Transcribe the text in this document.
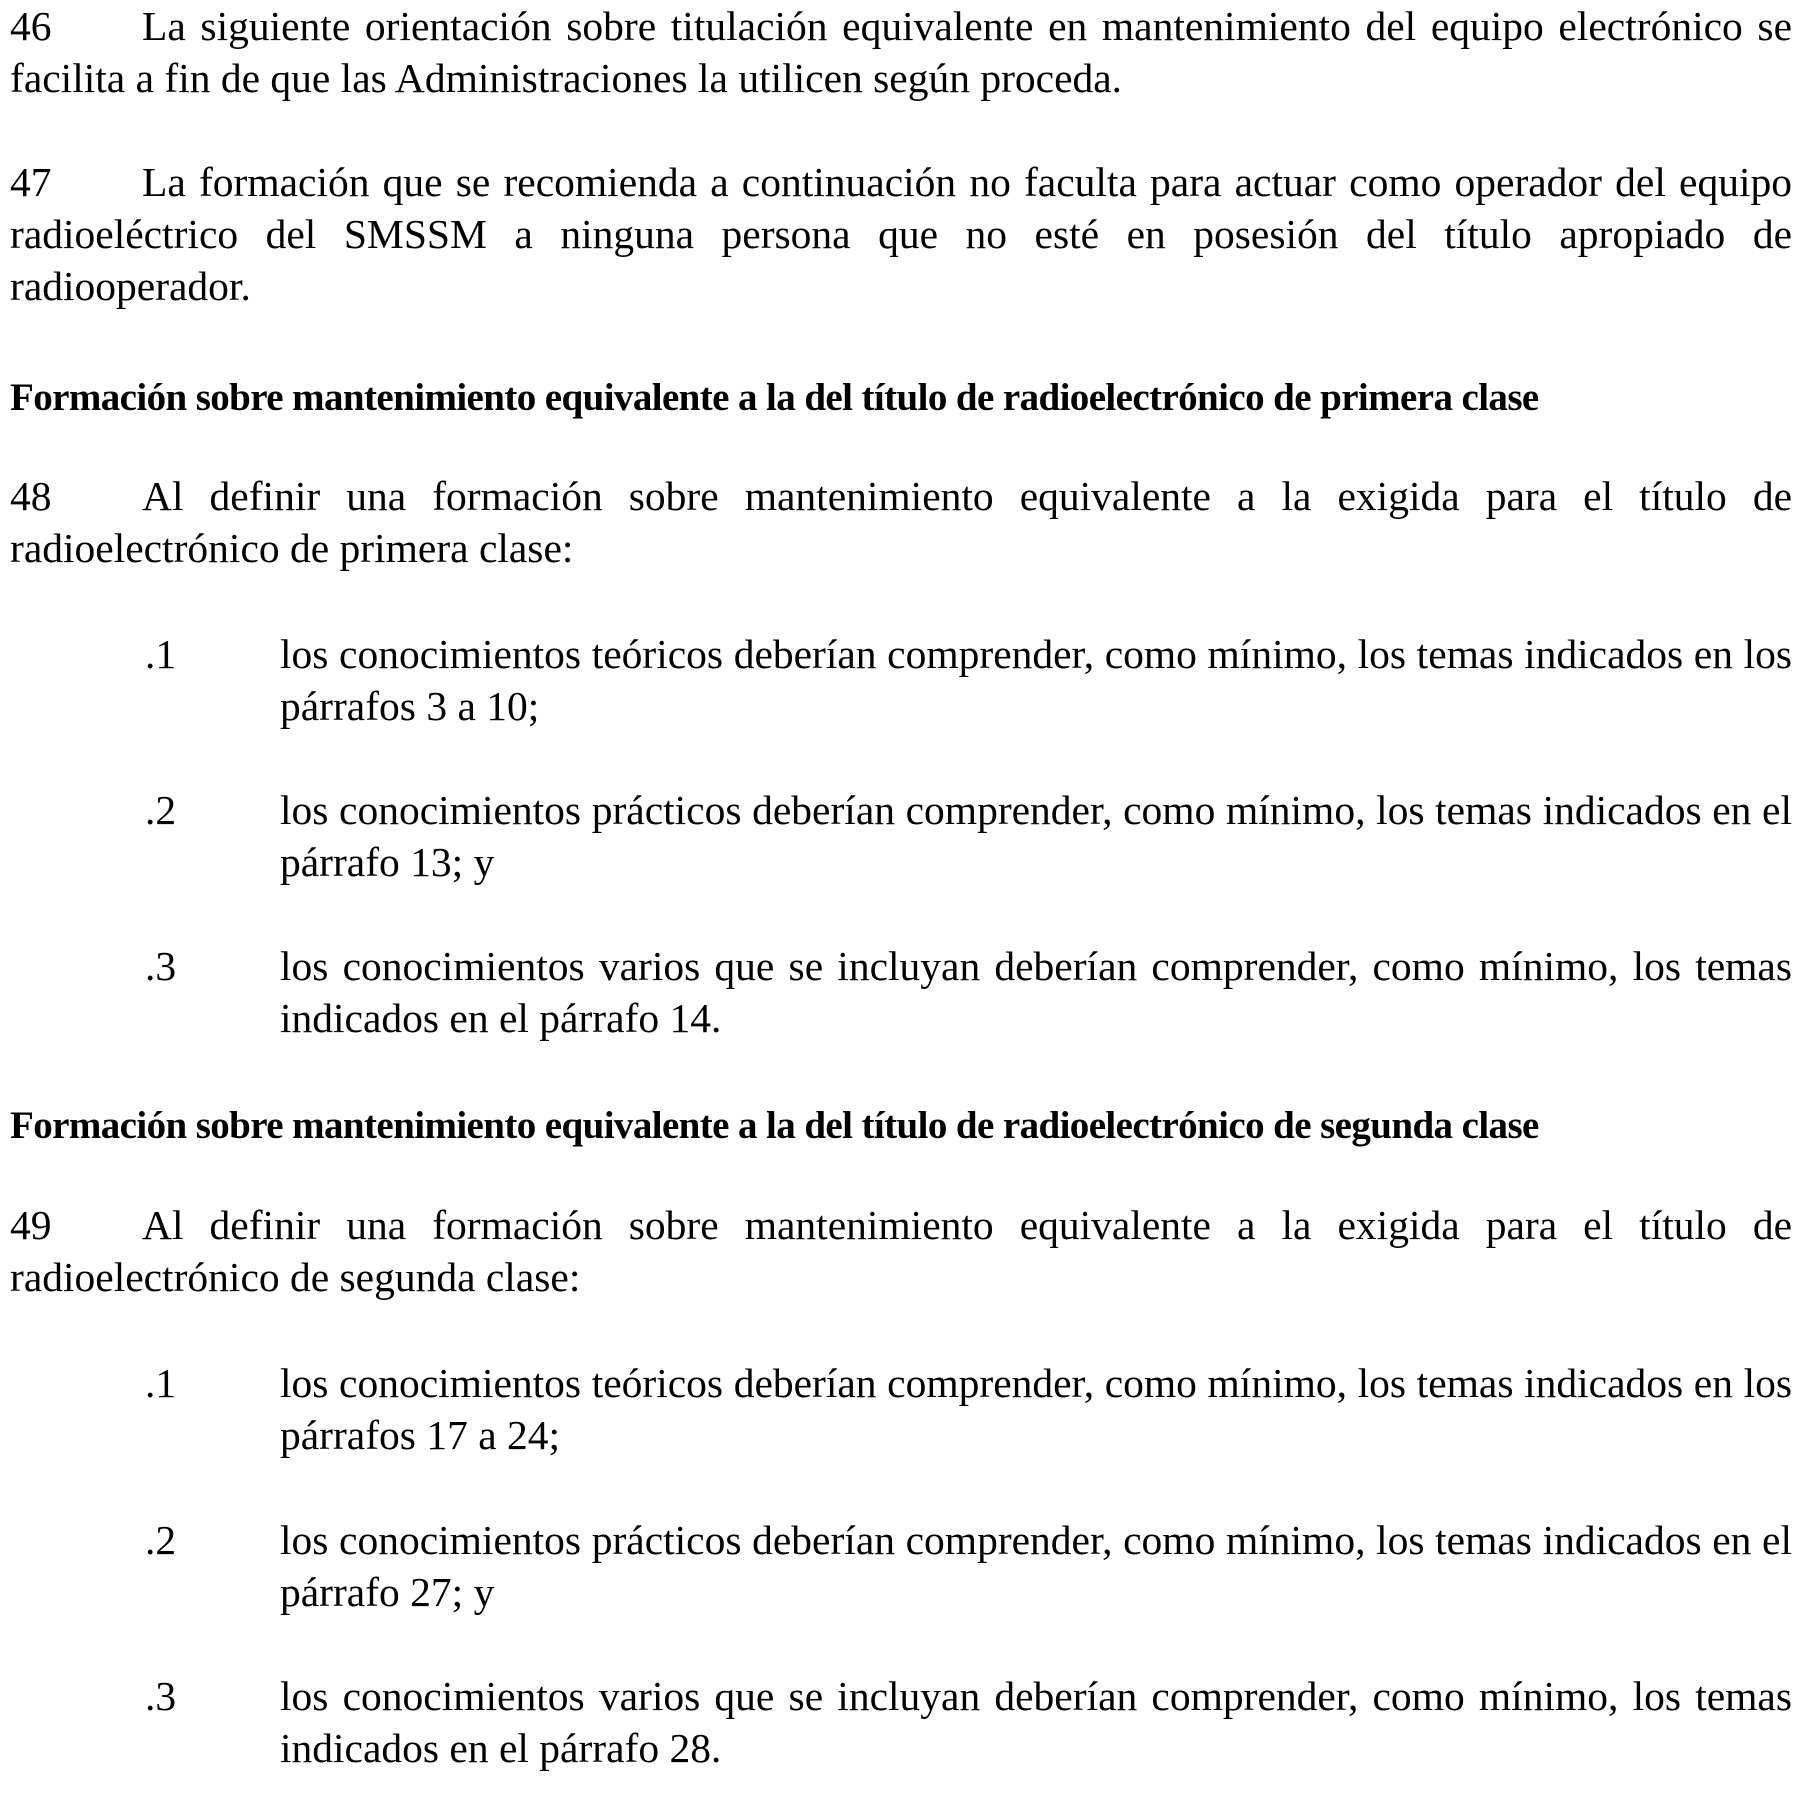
46 La siguiente orientación sobre titulación equivalente en mantenimiento del equipo electrónico se facilita a fin de que las Administraciones la utilicen según proceda.

47 La formación que se recomienda a continuación no faculta para actuar como operador del equipo radioeléctrico del SMSSM a ninguna persona que no esté en posesión del título apropiado de radiooperador.

Formación sobre mantenimiento equivalente a la del título de radioelectrónico de primera clase

48 Al definir una formación sobre mantenimiento equivalente a la exigida para el título de radioelectrónico de primera clase:

.1	los conocimientos teóricos deberían comprender, como mínimo, los temas indicados en los párrafos 3 a 10;
.2	los conocimientos prácticos deberían comprender, como mínimo, los temas indicados en el párrafo 13; y
.3	los conocimientos varios que se incluyan deberían comprender, como mínimo, los temas indicados en el párrafo 14.

Formación sobre mantenimiento equivalente a la del título de radioelectrónico de segunda clase

49 Al definir una formación sobre mantenimiento equivalente a la exigida para el título de radioelectrónico de segunda clase:

.1	los conocimientos teóricos deberían comprender, como mínimo, los temas indicados en los párrafos 17 a 24;
.2	los conocimientos prácticos deberían comprender, como mínimo, los temas indicados en el párrafo 27; y
.3	los conocimientos varios que se incluyan deberían comprender, como mínimo, los temas indicados en el párrafo 28.
